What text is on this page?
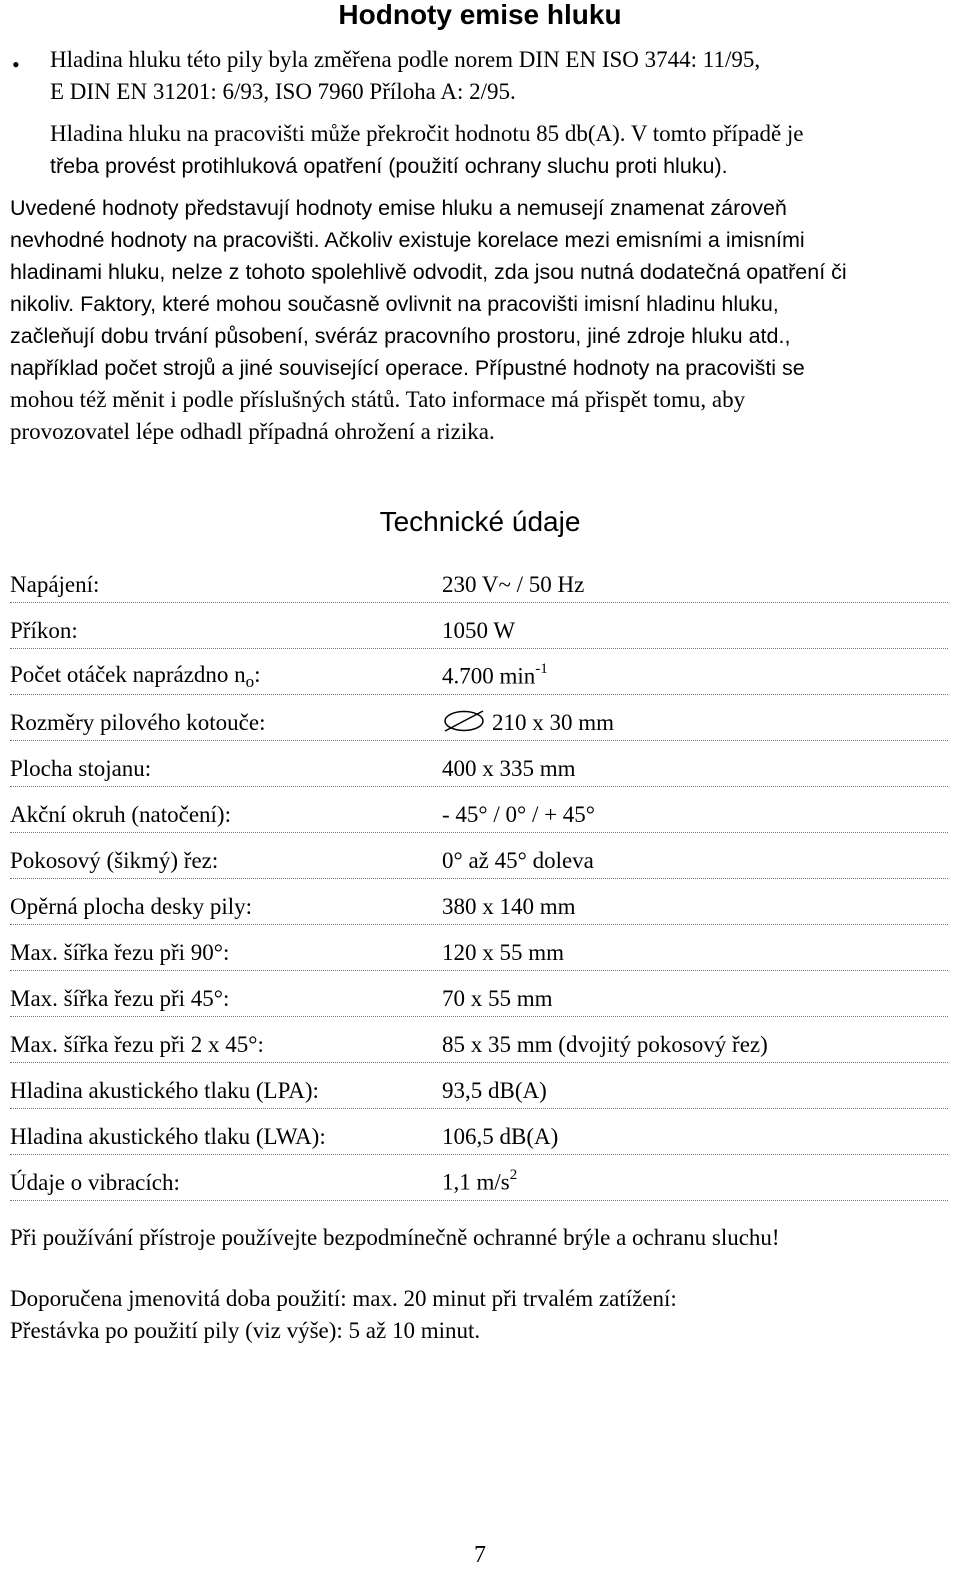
Hodnoty emise hluku
• Hladina hluku této pily byla změřena podle norem DIN EN ISO 3744: 11/95,
E DIN EN 31201: 6/93, ISO 7960 Příloha A: 2/95.
Hladina hluku na pracovišti může překročit hodnotu 85 db(A). V tomto případě je
třeba provést protihluková opatření (použití ochrany sluchu proti hluku).
Uvedené hodnoty představují hodnoty emise hluku a nemusejí znamenat zároveň
nevhodné hodnoty na pracovišti. Ačkoliv existuje korelace mezi emisními a imisními
hladinami hluku, nelze z tohoto spolehlivě odvodit, zda jsou nutná dodatečná opatření či
nikoliv. Faktory, které mohou současně ovlivnit na pracovišti imisní hladinu hluku,
začleňují dobu trvání působení, svéráz pracovního prostoru, jiné zdroje hluku atd.,
například počet strojů a jiné související operace. Přípustné hodnoty na pracovišti se
mohou též měnit i podle příslušných států. Tato informace má přispět tomu, aby
provozovatel lépe odhadl případná ohrožení a rizika.
Technické údaje
Napájení:	230 V~ / 50 Hz
Příkon:	1050 W
Počet otáček naprázdno $n_o$:	4.700 $\min^{-1}$
Rozměry pilového kotouče:	210 x 30 mm
Plocha stojanu:	400 x 335 mm
Akční okruh (natočení):	- 45° / 0° / + 45°
Pokosový (šikmý) řez:	0° až 45° doleva
Opěrná plocha desky pily:	380 x 140 mm
Max. šířka řezu při 90°:	120 x 55 mm
Max. šířka řezu při 45°:	70 x 55 mm
Max. šířka řezu při 2 x 45°:	85 x 35 mm (dvojitý pokosový řez)
Hladina akustického tlaku (LPA):	93,5 dB(A)
Hladina akustického tlaku (LWA):	106,5 dB(A)
Údaje o vibracích:	1,1 $m/s^2$
Při používání přístroje používejte bezpodmínečně ochranné brýle a ochranu sluchu!
Doporučena jmenovitá doba použití: max. 20 minut při trvalém zatížení:
Přestávka po použití pily (viz výše): 5 až 10 minut.
7
